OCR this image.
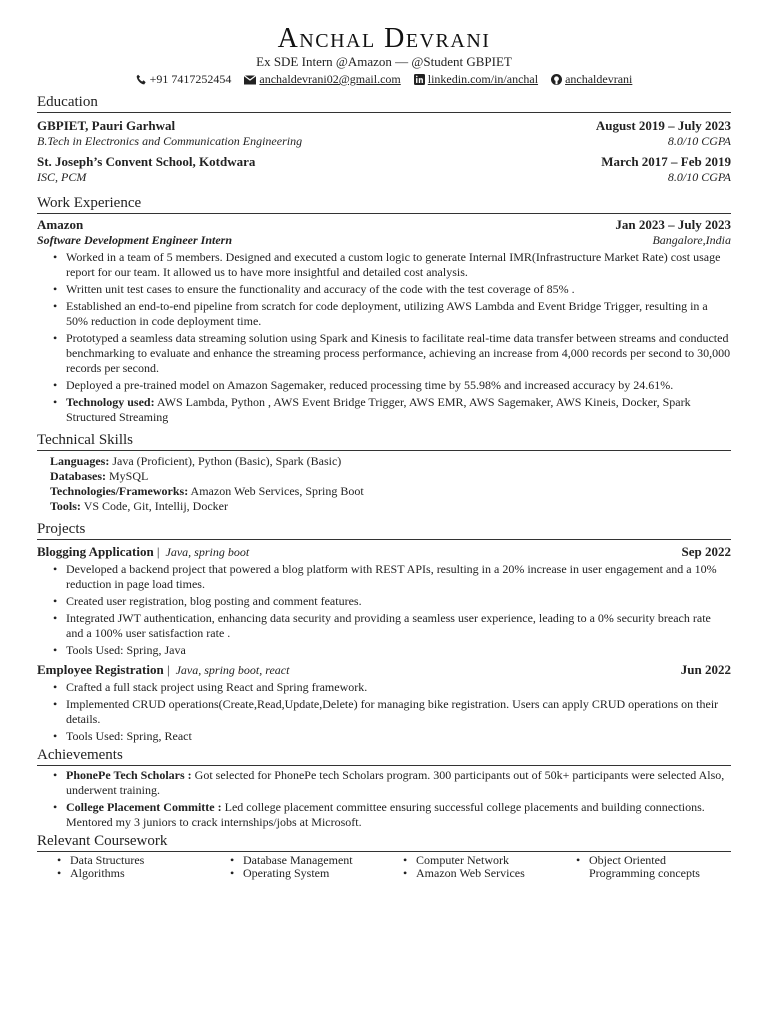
Anchal Devrani
Ex SDE Intern @Amazon — @Student GBPIET
+91 7417252454 anchaldevrani02@gmail.com linkedin.com/in/anchal anchaldevrani
Education
GBPIET, Pauri Garhwal	August 2019 – July 2023
B.Tech in Electronics and Communication Engineering	8.0/10 CGPA
St. Joseph’s Convent School, Kotdwara	March 2017 – Feb 2019
ISC, PCM	8.0/10 CGPA
Work Experience
Amazon	Jan 2023 – July 2023
Software Development Engineer Intern	Bangalore,India
• Worked in a team of 5 members. Designed and executed a custom logic to generate Internal IMR(Infrastructure Market Rate) cost usage report for our team. It allowed us to have more insightful and detailed cost analysis.
• Written unit test cases to ensure the functionality and accuracy of the code with the test coverage of 85% .
• Established an end-to-end pipeline from scratch for code deployment, utilizing AWS Lambda and Event Bridge Trigger, resulting in a 50% reduction in code deployment time.
• Prototyped a seamless data streaming solution using Spark and Kinesis to facilitate real-time data transfer between streams and conducted benchmarking to evaluate and enhance the streaming process performance, achieving an increase from 4,000 records per second to 30,000 records per second.
• Deployed a pre-trained model on Amazon Sagemaker, reduced processing time by 55.98% and increased accuracy by 24.61%.
• Technology used: AWS Lambda, Python , AWS Event Bridge Trigger, AWS EMR, AWS Sagemaker, AWS Kineis, Docker, Spark Structured Streaming
Technical Skills
Languages: Java (Proficient), Python (Basic), Spark (Basic)
Databases: MySQL
Technologies/Frameworks: Amazon Web Services, Spring Boot
Tools: VS Code, Git, Intellij, Docker
Projects
Blogging Application | Java, spring boot	Sep 2022
• Developed a backend project that powered a blog platform with REST APIs, resulting in a 20% increase in user engagement and a 10% reduction in page load times.
• Created user registration, blog posting and comment features.
• Integrated JWT authentication, enhancing data security and providing a seamless user experience, leading to a 0% security breach rate and a 100% user satisfaction rate .
• Tools Used: Spring, Java
Employee Registration | Java, spring boot, react	Jun 2022
• Crafted a full stack project using React and Spring framework.
• Implemented CRUD operations(Create,Read,Update,Delete) for managing bike registration. Users can apply CRUD operations on their details.
• Tools Used: Spring, React
Achievements
• PhonePe Tech Scholars : Got selected for PhonePe tech Scholars program. 300 participants out of 50k+ participants were selected Also, underwent training.
• College Placement Committe : Led college placement committee ensuring successful college placements and building connections. Mentored my 3 juniors to crack internships/jobs at Microsoft.
Relevant Coursework
• Data Structures
• Algorithms
• Database Management
• Operating System
• Computer Network
• Amazon Web Services
• Object Oriented Programming concepts
